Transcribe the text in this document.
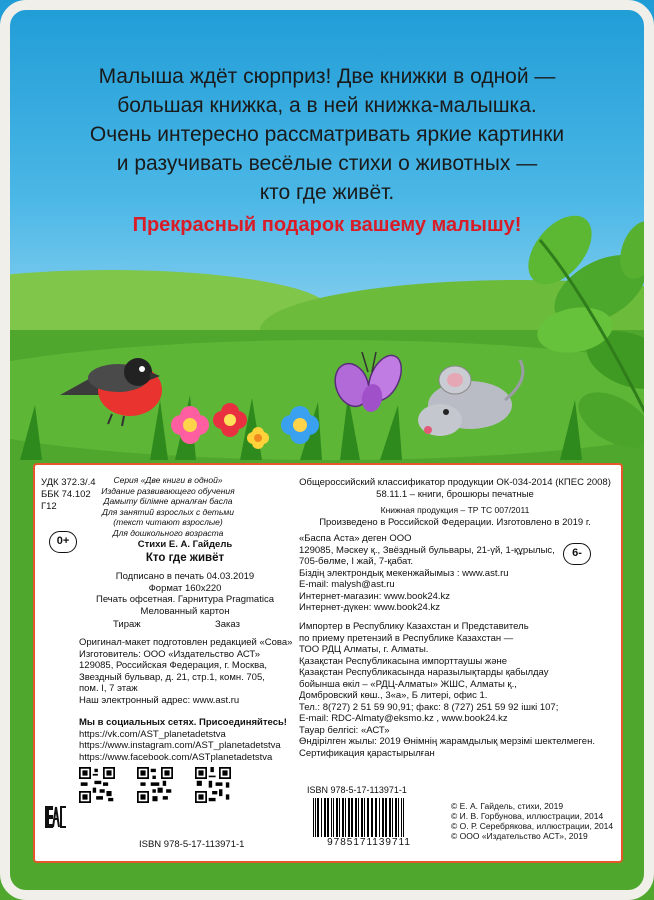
Малыша ждёт сюрприз! Две книжки в одной —
большая книжка, а в ней книжка-малышка.
Очень интересно рассматривать яркие картинки
и разучивать весёлые стихи о животных —
кто где живёт.
Прекрасный подарок вашему малышу!
УДК 372.3/.4
ББК 74.102
Г12
Серия «Две книги в одной»
Издание развивающего обучения
Дамыту білімне арналған басла
Для занятий взрослых с детьми
(текст читают взрослые)
Для дошкольного возраста
0+	Стихи Е. А. Гайдель
Кто где живёт
Подписано в печать 04.03.2019
Формат 160x220
Печать офсетная. Гарнитура Pragmatica
Мелованный картон
Тираж	Заказ
Оригинал-макет подготовлен редакцией «Сова»
Изготовитель: ООО «Издательство АСТ»
129085, Российская Федерация, г. Москва,
Звездный бульвар, д. 21, стр.1, комн. 705,
пом. I, 7 этаж
Наш электронный адрес: www.ast.ru
Мы в социальных сетях. Присоединяйтесь!
https://vk.com/AST_planetadetstva
https://www.instagram.com/AST_planetadetstva
https://www.facebook.com/ASTplanetadetstva
ISBN 978-5-17-113971-1
Общероссийский классификатор продукции ОК-034-2014 (КПЕС 2008)
58.11.1 – книги, брошюры печатные
Книжная продукция – ТР ТС 007/2011
Произведено в Российской Федерации. Изготовлено в 2019 г.
6-
«Баспа Аста» деген ООО
129085, Мәскеу қ., Звёздный бульвары, 21-үй, 1-құрылыс,
705-бөлме, I жай, 7-қабат.
Біздің электрондық мекенжайымыз : www.ast.ru
E-mail: malysh@ast.ru
Интернет-магазин: www.book24.kz
Интернет-дүкен: www.book24.kz
Импортер в Республику Казахстан и Представитель
по приему претензий в Республике Казахстан —
ТОО РДЦ Алматы, г. Алматы.
Қазақстан Республикасына импорттаушы және
Қазақстан Республикасында наразылықтарды қабылдау
бойынша өкіл – «РДЦ-Алматы» ЖШС, Алматы қ.,
Домбровский көш., 3«а», Б литері, офис 1.
Тел.: 8(727) 2 51 59 90,91; факс: 8 (727) 251 59 92 ішкі 107;
E-mail: RDC-Almaty@eksmo.kz , www.book24.kz
Тауар белгісі: «АСТ»
Өндірілген жылы: 2019 Өнімнің жарамдылық мерзімі шектелмеген.
Сертификация қарастырылған
ISBN 978-5-17-113971-1
9785171139711
© Е. А. Гайдель, стихи, 2019
© И. В. Горбунова, иллюстрации, 2014
© О. Р. Серебрякова, иллюстрации, 2014
© ООО «Издательство АСТ», 2019
